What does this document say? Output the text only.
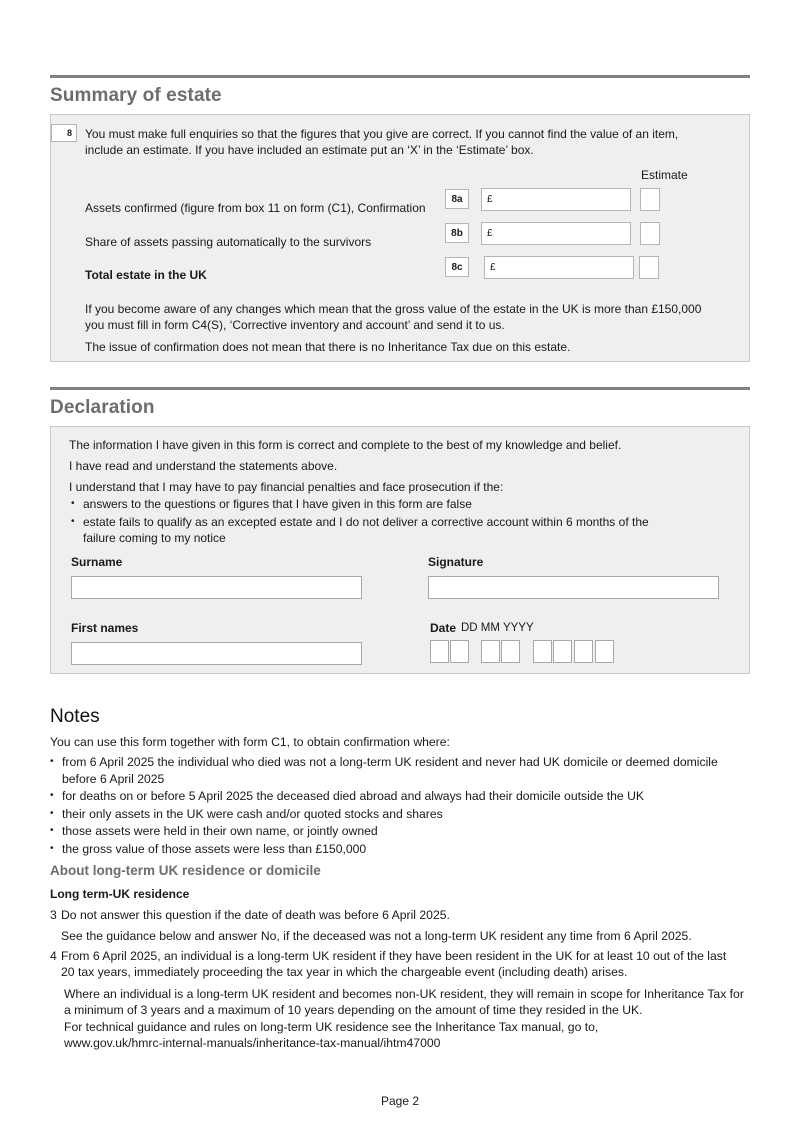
Summary of estate
8	You must make full enquiries so that the figures that you give are correct. If you cannot find the value of an item, include an estimate. If you have included an estimate put an ‘X’ in the ‘Estimate’ box.

Estimate

Assets confirmed (figure from box 11 on form (C1), Confirmation

8a	£

Share of assets passing automatically to the survivors

8b	£

Total estate in the UK

8c	£

If you become aware of any changes which mean that the gross value of the estate in the UK is more than £150,000 you must fill in form C4(S), ‘Corrective inventory and account’ and send it to us.

The issue of confirmation does not mean that there is no Inheritance Tax due on this estate.

Declaration

The information I have given in this form is correct and complete to the best of my knowledge and belief.

I have read and understand the statements above.

I understand that I may have to pay financial penalties and face prosecution if the:

• answers to the questions or figures that I have given in this form are false
• estate fails to qualify as an excepted estate and I do not deliver a corrective account within 6 months of the failure coming to my notice

Surname	Signature

First names	Date DD MM YYYY

Notes

You can use this form together with form C1, to obtain confirmation where:

• from 6 April 2025 the individual who died was not a long-term UK resident and never had UK domicile or deemed domicile before 6 April 2025
• for deaths on or before 5 April 2025 the deceased died abroad and always had their domicile outside the UK
• their only assets in the UK were cash and/or quoted stocks and shares
• those assets were held in their own name, or jointly owned
• the gross value of those assets were less than £150,000
About long-term UK residence or domicile

Long term-UK residence

3 Do not answer this question if the date of death was before 6 April 2025.

See the guidance below and answer No, if the deceased was not a long-term UK resident any time from 6 April 2025.

4 From 6 April 2025, an individual is a long-term UK resident if they have been resident in the UK for at least 10 out of the last 20 tax years, immediately proceeding the tax year in which the chargeable event (including death) arises.

Where an individual is a long-term UK resident and becomes non-UK resident, they will remain in scope for Inheritance Tax for a minimum of 3 years and a maximum of 10 years depending on the amount of time they resided in the UK.

For technical guidance and rules on long-term UK residence see the Inheritance Tax manual, go to,

www.gov.uk/hmrc-internal-manuals/inheritance-tax-manual/ihtm47000

Page 2
